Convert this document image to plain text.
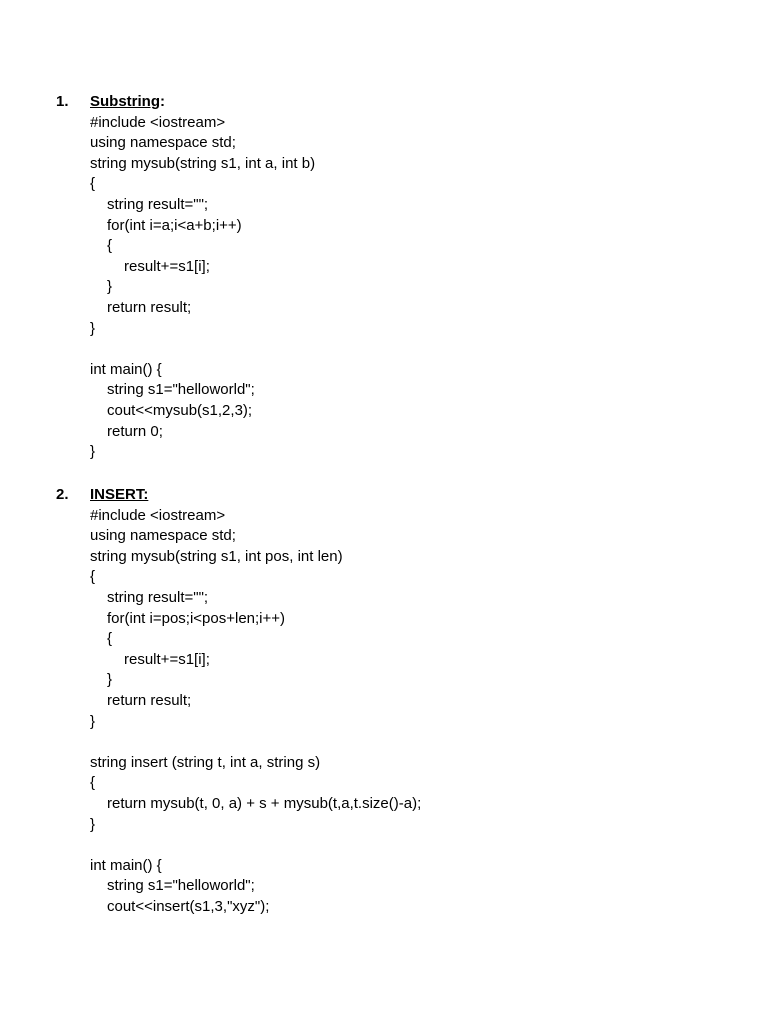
1. Substring:
#include <iostream>
using namespace std;
string mysub(string s1, int a, int b)
{
string result="";
for(int i=a;i<a+b;i++)
{
result+=s1[i];
}
return result;
}
int main() {
string s1="helloworld";
cout<<mysub(s1,2,3);
return 0;
}
2. INSERT:
#include <iostream>
using namespace std;
string mysub(string s1, int pos, int len)
{
string result="";
for(int i=pos;i<pos+len;i++)
{
result+=s1[i];
}
return result;
}
string insert (string t, int a, string s)
{
return mysub(t, 0, a) + s + mysub(t,a,t.size()-a);
}
int main() {
string s1="helloworld";
cout<<insert(s1,3,"xyz");
